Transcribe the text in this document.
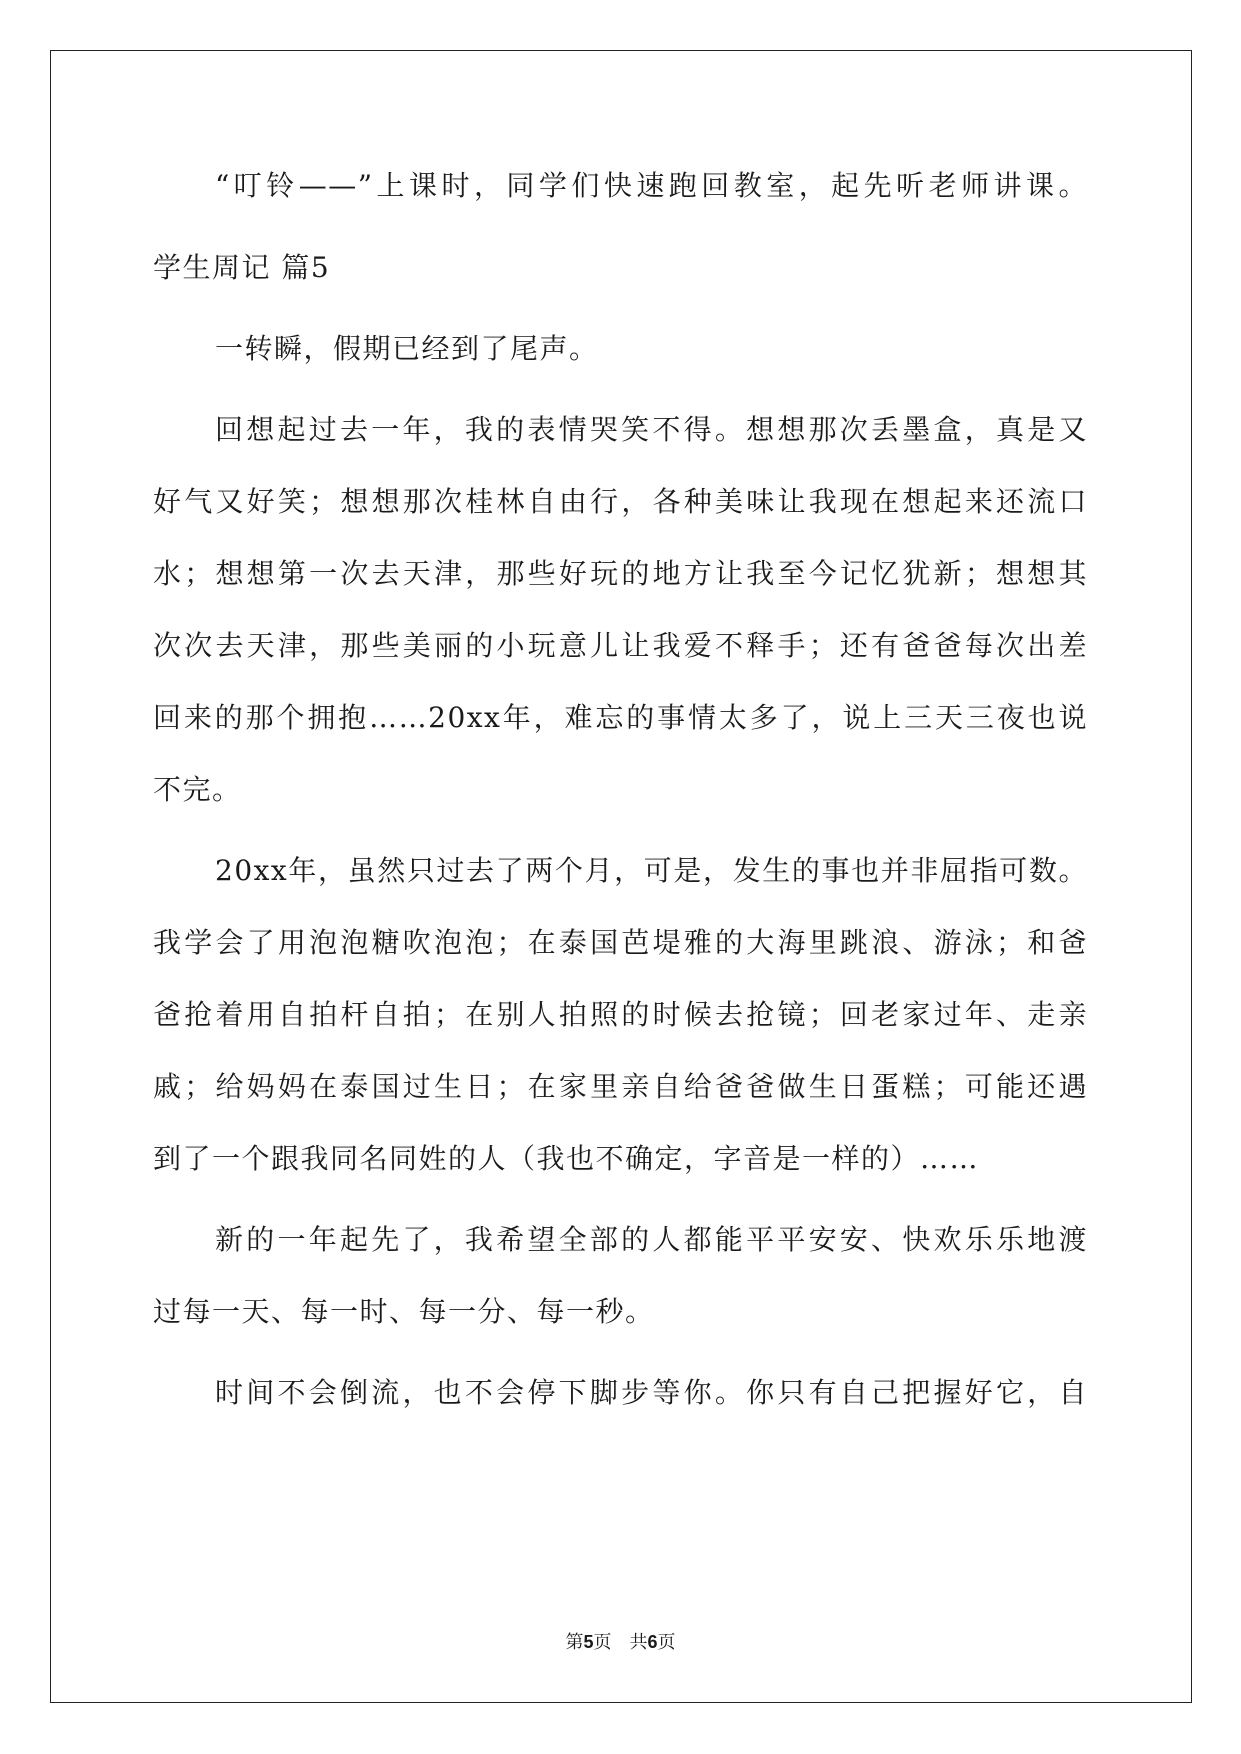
“叮铃——”上课时，同学们快速跑回教室，起先听老师讲课。
学生周记 篇5
一转瞬，假期已经到了尾声。
回想起过去一年，我的表情哭笑不得。想想那次丢墨盒，真是又
好气又好笑；想想那次桂林自由行，各种美味让我现在想起来还流口
水；想想第一次去天津，那些好玩的地方让我至今记忆犹新；想想其
次次去天津，那些美丽的小玩意儿让我爱不释手；还有爸爸每次出差
回来的那个拥抱……20xx年，难忘的事情太多了，说上三天三夜也说
不完。
20xx年，虽然只过去了两个月，可是，发生的事也并非屈指可数。
我学会了用泡泡糖吹泡泡；在泰国芭堤雅的大海里跳浪、游泳；和爸
爸抢着用自拍杆自拍；在别人拍照的时候去抢镜；回老家过年、走亲
戚；给妈妈在泰国过生日；在家里亲自给爸爸做生日蛋糕；可能还遇
到了一个跟我同名同姓的人（我也不确定，字音是一样的）……
新的一年起先了，我希望全部的人都能平平安安、快欢乐乐地渡
过每一天、每一时、每一分、每一秒。
时间不会倒流，也不会停下脚步等你。你只有自己把握好它，自
第5页 共6页
